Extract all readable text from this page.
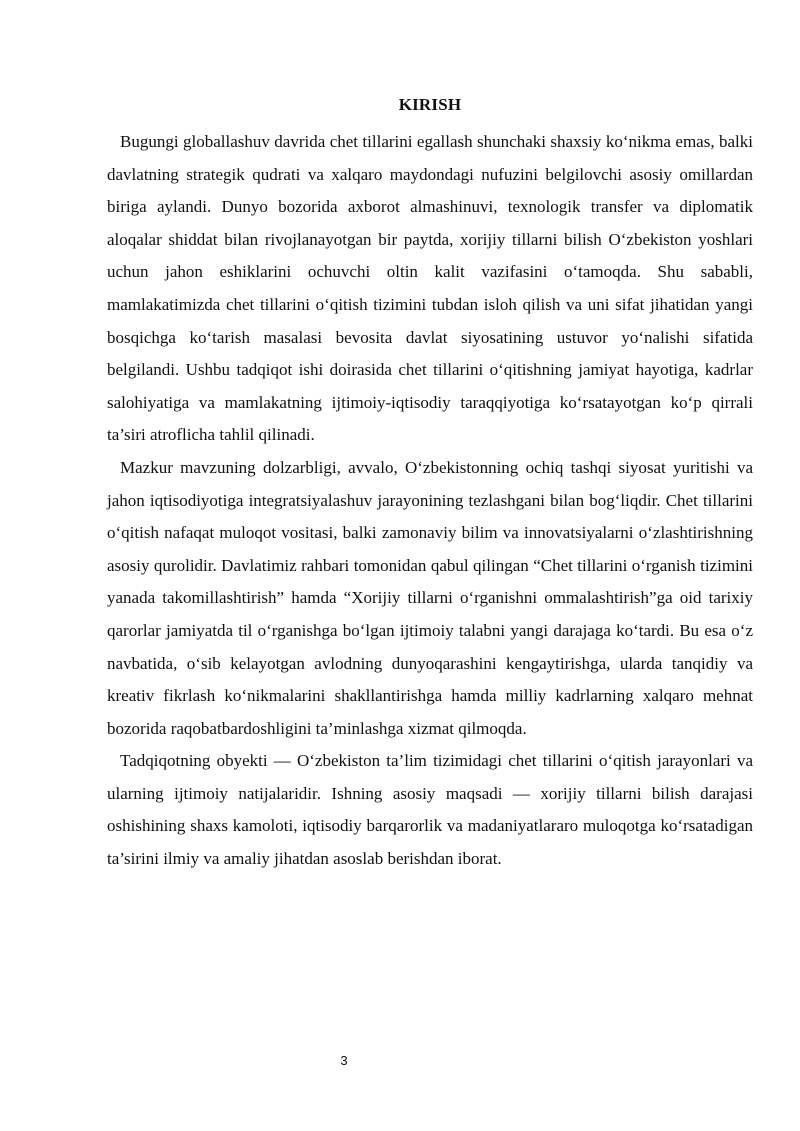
KIRISH

Bugungi globallashuv davrida chet tillarini egallash shunchaki shaxsiy ko‘nikma emas, balki davlatning strategik qudrati va xalqaro maydondagi nufuzini belgilovchi asosiy omillardan biriga aylandi. Dunyo bozorida axborot almashinuvi, texnologik transfer va diplomatik aloqalar shiddat bilan rivojlanayotgan bir paytda, xorijiy tillarni bilish O‘zbekiston yoshlari uchun jahon eshiklarini ochuvchi oltin kalit vazifasini o‘tamoqda. Shu sababli, mamlakatimizda chet tillarini o‘qitish tizimini tubdan isloh qilish va uni sifat jihatidan yangi bosqichga ko‘tarish masalasi bevosita davlat siyosatining ustuvor yo‘nalishi sifatida belgilandi. Ushbu tadqiqot ishi doirasida chet tillarini o‘qitishning jamiyat hayotiga, kadrlar salohiyatiga va mamlakatning ijtimoiy-iqtisodiy taraqqiyotiga ko‘rsatayotgan ko‘p qirrali ta’siri atroflicha tahlil qilinadi.

Mazkur mavzuning dolzarbligi, avvalo, O‘zbekistonning ochiq tashqi siyosat yuritishi va jahon iqtisodiyotiga integratsiyalashuv jarayonining tezlashgani bilan bog‘liqdir. Chet tillarini o‘qitish nafaqat muloqot vositasi, balki zamonaviy bilim va innovatsiyalarni o‘zlashtirishning asosiy qurolidir. Davlatimiz rahbari tomonidan qabul qilingan “Chet tillarini o‘rganish tizimini yanada takomillashtirish” hamda “Xorijiy tillarni o‘rganishni ommalashtirish”ga oid tarixiy qarorlar jamiyatda til o‘rganishga bo‘lgan ijtimoiy talabni yangi darajaga ko‘tardi. Bu esa o‘z navbatida, o‘sib kelayotgan avlodning dunyoqarashini kengaytirishga, ularda tanqidiy va kreativ fikrlash ko‘nikmalarini shakllantirishga hamda milliy kadrlarning xalqaro mehnat bozorida raqobatbardoshligini ta’minlashga xizmat qilmoqda.

Tadqiqotning obyekti — O‘zbekiston ta’lim tizimidagi chet tillarini o‘qitish jarayonlari va ularning ijtimoiy natijalaridir. Ishning asosiy maqsadi — xorijiy tillarni bilish darajasi oshishining shaxs kamoloti, iqtisodiy barqarorlik va madaniyatlararo muloqotga ko‘rsatadigan ta’sirini ilmiy va amaliy jihatdan asoslab berishdan iborat.

3
